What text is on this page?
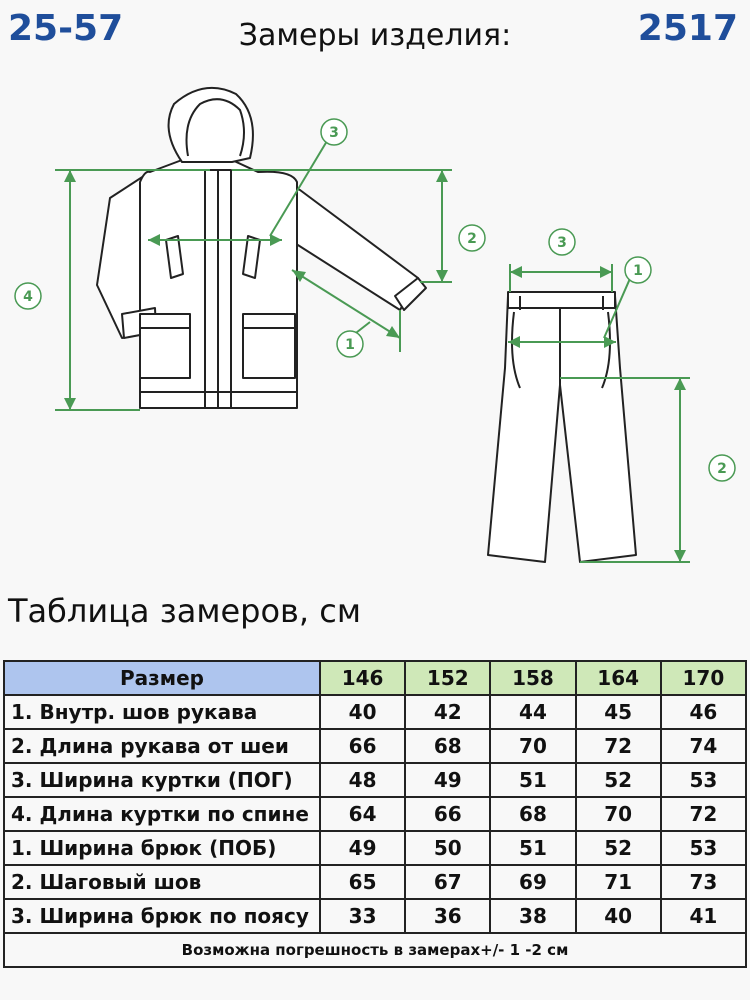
25-57	Замеры изделия:	2517
4
2
3
1
3
1
2
Таблица замеров, см
Размер	146	152	158	164	170
1. Внутр. шов рукава	40	42	44	45	46
2. Длина рукава от шеи	66	68	70	72	74
3. Ширина куртки (ПОГ)	48	49	51	52	53
4. Длина куртки по спине	64	66	68	70	72
1. Ширина брюк (ПОБ)	49	50	51	52	53
2. Шаговый шов	65	67	69	71	73
3. Ширина брюк по поясу	33	36	38	40	41
Возможна погрешность в замерах+/- 1 -2 см					
